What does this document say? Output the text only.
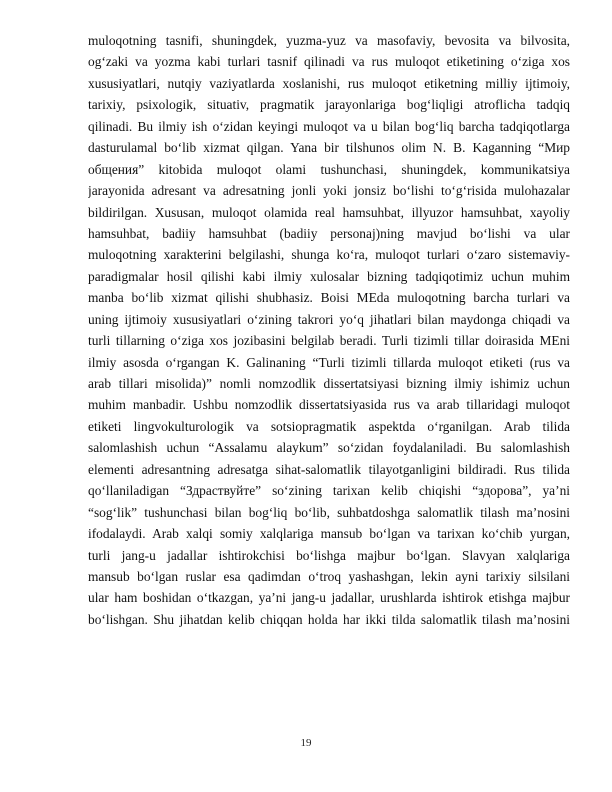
muloqotning tasnifi, shuningdek, yuzma-yuz va masofaviy, bevosita va bilvosita,
og‘zaki va yozma kabi turlari tasnif qilinadi va rus muloqot etiketining o‘ziga xos
xususiyatlari, nutqiy vaziyatlarda xoslanishi, rus muloqot etiketning milliy ijtimoiy,
tarixiy, psixologik, situativ, pragmatik jarayonlariga bog‘liqligi atroflicha tadqiq
qilinadi. Bu ilmiy ish o‘zidan keyingi muloqot va u bilan bog‘liq barcha tadqiqotlarga
dasturulamal bo‘lib xizmat qilgan. Yana bir tilshunos olim N. B. Kaganning “Мир
общения” kitobida muloqot olami tushunchasi, shuningdek, kommunikatsiya
jarayonida adresant va adresatning jonli yoki jonsiz bo‘lishi to‘g‘risida mulohazalar
bildirilgan. Xususan, muloqot olamida real hamsuhbat, illyuzor hamsuhbat, xayoliy
hamsuhbat, badiiy hamsuhbat (badiiy personaj)ning mavjud bo‘lishi va ular
muloqotning xarakterini belgilashi, shunga ko‘ra, muloqot turlari o‘zaro sistemaviy-
paradigmalar hosil qilishi kabi ilmiy xulosalar bizning tadqiqotimiz uchun muhim
manba bo‘lib xizmat qilishi shubhasiz. Boisi MEda muloqotning barcha turlari va
uning ijtimoiy xususiyatlari o‘zining takrori yo‘q jihatlari bilan maydonga chiqadi va
turli tillarning o‘ziga xos jozibasini belgilab beradi. Turli tizimli tillar doirasida MEni
ilmiy asosda o‘rgangan K. Galinaning “Turli tizimli tillarda muloqot etiketi (rus va
arab tillari misolida)” nomli nomzodlik dissertatsiyasi bizning ilmiy ishimiz uchun
muhim manbadir. Ushbu nomzodlik dissertatsiyasida rus va arab tillaridagi muloqot
etiketi lingvokulturologik va sotsiopragmatik aspektda o‘rganilgan. Arab tilida
salomlashish uchun “Assalamu alaykum” so‘zidan foydalaniladi. Bu salomlashish
elementi adresantning adresatga sihat-salomatlik tilayotganligini bildiradi. Rus tilida
qo‘llaniladigan “Здраствуйте” so‘zining tarixan kelib chiqishi “здорова”, ya’ni
“sog‘lik” tushunchasi bilan bog‘liq bo‘lib, suhbatdoshga salomatlik tilash ma’nosini
ifodalaydi. Arab xalqi somiy xalqlariga mansub bo‘lgan va tarixan ko‘chib yurgan,
turli jang-u jadallar ishtirokchisi bo‘lishga majbur bo‘lgan. Slavyan xalqlariga
mansub bo‘lgan ruslar esa qadimdan o‘troq yashashgan, lekin ayni tarixiy silsilani
ular ham boshidan o‘tkazgan, ya’ni jang-u jadallar, urushlarda ishtirok etishga majbur
bo‘lishgan. Shu jihatdan kelib chiqqan holda har ikki tilda salomatlik tilash ma’nosini
19
